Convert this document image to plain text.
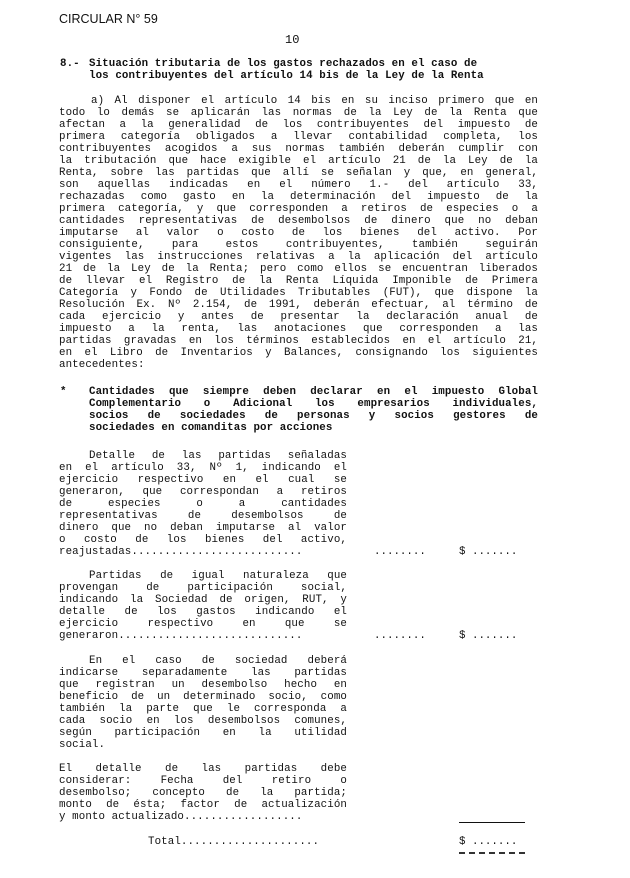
CIRCULAR N° 59
10
8.- Situación tributaria de los gastos rechazados en el caso de
los contribuyentes del artículo 14 bis de la Ley de la Renta
a) Al disponer el artículo 14 bis en su inciso primero que en
todo lo demás se aplicarán las normas de la Ley de la Renta que
afectan a la generalidad de los contribuyentes del impuesto de
primera categoría obligados a llevar contabilidad completa, los
contribuyentes acogidos a sus normas también deberán cumplir con
la tributación que hace exigible el artículo 21 de la Ley de la
Renta, sobre las partidas que allí se señalan y que, en general,
son aquellas indicadas en el número 1.- del artículo 33,
rechazadas como gasto en la determinación del impuesto de la
primera categoría, y que corresponden a retiros de especies o a
cantidades representativas de desembolsos de dinero que no deban
imputarse al valor o costo de los bienes del activo. Por
consiguiente, para estos contribuyentes, también seguirán
vigentes las instrucciones relativas a la aplicación del artículo
21 de la Ley de la Renta; pero como ellos se encuentran liberados
de llevar el Registro de la Renta Líquida Imponible de Primera
Categoría y Fondo de Utilidades Tributables (FUT), que dispone la
Resolución Ex. Nº 2.154, de 1991, deberán efectuar, al término de
cada ejercicio y antes de presentar la declaración anual de
impuesto a la renta, las anotaciones que corresponden a las
partidas gravadas en los términos establecidos en el artículo 21,
en el Libro de Inventarios y Balances, consignando los siguientes
antecedentes:
* Cantidades que siempre deben declarar en el impuesto Global
Complementario o Adicional los empresarios individuales,
socios de sociedades de personas y socios gestores de
sociedades en comanditas por acciones
Detalle de las partidas señaladas
en el artículo 33, Nº 1, indicando el
ejercicio respectivo en el cual se
generaron, que correspondan a retiros
de especies o a cantidades
representativas de desembolsos de
dinero que no deban imputarse al valor
o costo de los bienes del activo,
reajustadas..........................	........	$ .......
Partidas de igual naturaleza que
provengan de participación social,
indicando la Sociedad de origen, RUT, y
detalle de los gastos indicando el
ejercicio respectivo en que se
generaron............................	........	$ .......
En el caso de sociedad deberá
indicarse separadamente las partidas
que registran un desembolso hecho en
beneficio de un determinado socio, como
también la parte que le corresponda a
cada socio en los desembolsos comunes,
según participación en la utilidad
social.
El detalle de las partidas debe
considerar: Fecha del retiro o
desembolso; concepto de la partida;
monto de ésta; factor de actualización
y monto actualizado..................
Total.....................	$ .......
